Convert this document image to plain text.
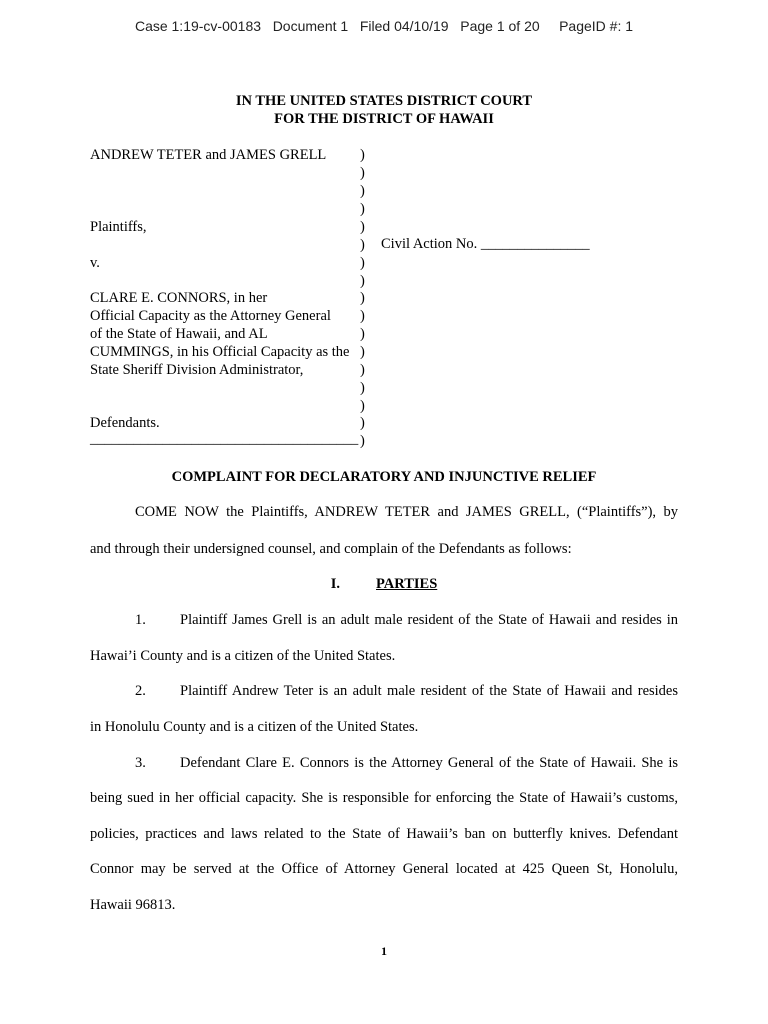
Case 1:19-cv-00183   Document 1   Filed 04/10/19   Page 1 of 20     PageID #: 1
IN THE UNITED STATES DISTRICT COURT
FOR THE DISTRICT OF HAWAII
ANDREW TETER and JAMES GRELL
Plaintiffs,
v.
CLARE E. CONNORS, in her
Official Capacity as the Attorney General
of the State of Hawaii, and AL
CUMMINGS, in his Official Capacity as the
State Sheriff Division Administrator,
Defendants.
_____________________________________
)
)
)
)
)
)
)
)
)
)
)
)
)
)
)
)
)
Civil Action No. _______________
COMPLAINT FOR DECLARATORY AND INJUNCTIVE RELIEF
COME NOW the Plaintiffs, ANDREW TETER and JAMES GRELL, (“Plaintiffs”), by
and through their undersigned counsel, and complain of the Defendants as follows:
I. PARTIES
1. Plaintiff James Grell is an adult male resident of the State of Hawaii and resides in
Hawai’i County and is a citizen of the United States.
2. Plaintiff Andrew Teter is an adult male resident of the State of Hawaii and resides
in Honolulu County and is a citizen of the United States.
3. Defendant Clare E. Connors is the Attorney General of the State of Hawaii. She is
being sued in her official capacity. She is responsible for enforcing the State of Hawaii’s customs,
policies, practices and laws related to the State of Hawaii’s ban on butterfly knives. Defendant
Connor may be served at the Office of Attorney General located at 425 Queen St, Honolulu,
Hawaii 96813.
1
